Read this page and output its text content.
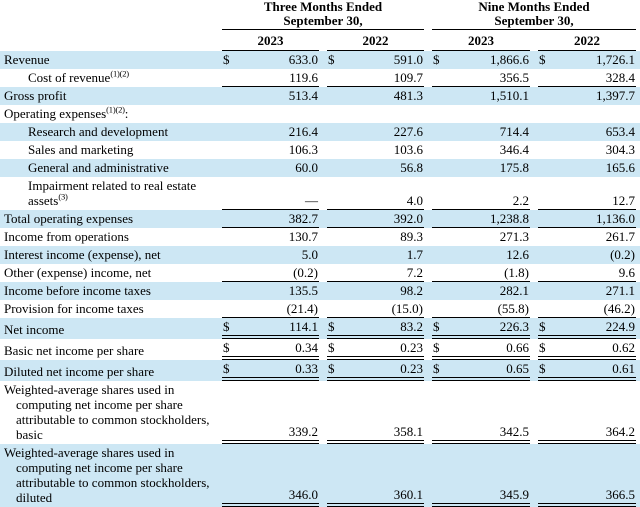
	Three Months Ended September 30,		Nine Months Ended September 30,	

	2023	2022	2023	2022

Revenue	$ 633.0	$ 591.0	$ 1,866.6	$ 1,726.1

Cost of revenue$^{(1)(2)}$	119.6	109.7	356.5	328.4

Gross profit	513.4	481.3	1,510.1	1,397.7

Operating expenses$^{(1)(2)}$:				

Research and development	216.4	227.6	714.4	653.4

Sales and marketing	106.3	103.6	346.4	304.3

General and administrative	60.0	56.8	175.8	165.6

Impairment related to real estate assets$^{(3)}$	—	4.0	2.2	12.7

Total operating expenses	382.7	392.0	1,238.8	1,136.0

Income from operations	130.7	89.3	271.3	261.7

Interest income (expense), net	5.0	1.7	12.6	(0.2)

Other (expense) income, net	(0.2)	7.2	(1.8)	9.6

Income before income taxes	135.5	98.2	282.1	271.1

Provision for income taxes	(21.4)	(15.0)	(55.8)	(46.2)

Net income	$ 114.1	$ 83.2	$ 226.3	$ 224.9

Basic net income per share	$ 0.34	$ 0.23	$ 0.66	$ 0.62

Diluted net income per share	$ 0.33	$ 0.23	$ 0.65	$ 0.61

Weighted-average shares used in computing net income per share attributable to common stockholders, basic	339.2	358.1	342.5	364.2

Weighted-average shares used in computing net income per share attributable to common stockholders, diluted	346.0	360.1	345.9	366.5
